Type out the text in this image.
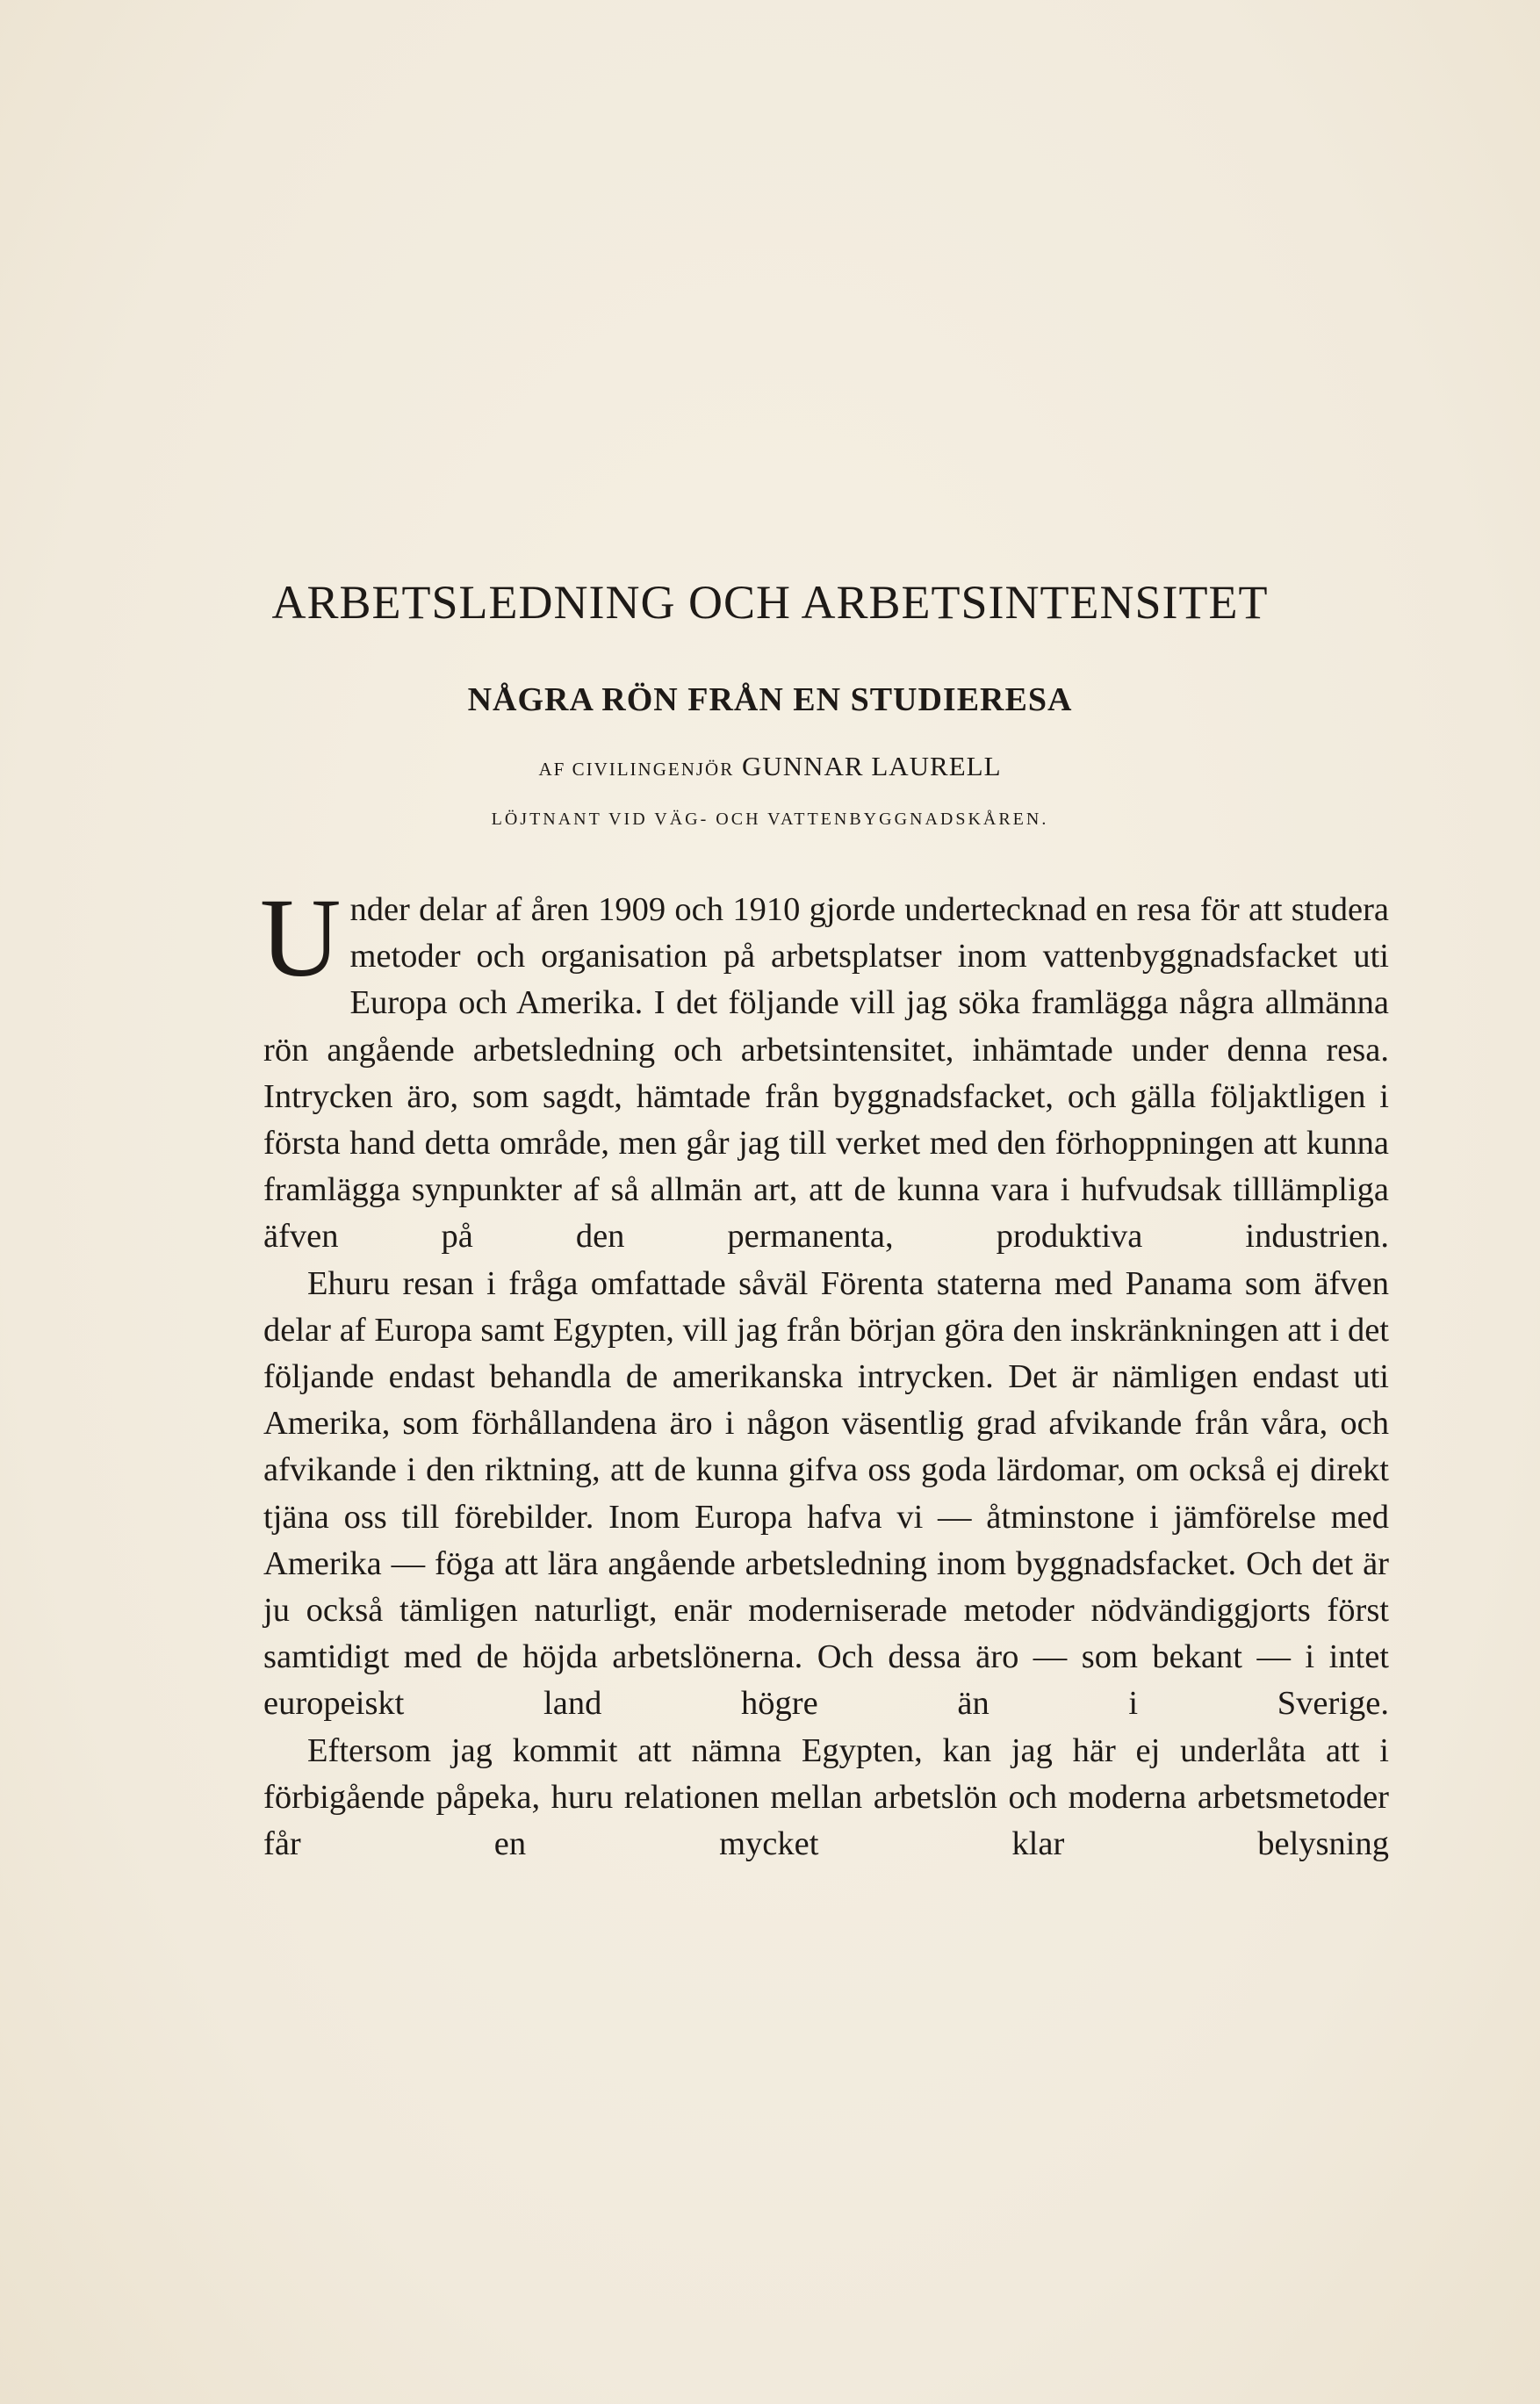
ARBETSLEDNING OCH ARBETSINTENSITET
NÅGRA RÖN FRÅN EN STUDIERESA
AF CIVILINGENJÖR GUNNAR LAURELL
LÖJTNANT VID VÄG- OCH VATTENBYGGNADSKÅREN.

Under delar af åren 1909 och 1910 gjorde undertecknad en resa för att studera metoder och organisation på arbetsplatser inom vattenbyggnadsfacket uti Europa och Amerika. I det följande vill jag söka framlägga några allmänna rön angående arbetsledning och arbetsintensitet, inhämtade under denna resa. Intrycken äro, som sagdt, hämtade från byggnadsfacket, och gälla följaktligen i första hand detta område, men går jag till verket med den förhoppningen att kunna framlägga synpunkter af så allmän art, att de kunna vara i hufvudsak tilllämpliga äfven på den permanenta, produktiva industrien.

Ehuru resan i fråga omfattade såväl Förenta staterna med Panama som äfven delar af Europa samt Egypten, vill jag från början göra den inskränkningen att i det följande endast behandla de amerikanska intrycken. Det är nämligen endast uti Amerika, som förhållandena äro i någon väsentlig grad afvikande från våra, och afvikande i den riktning, att de kunna gifva oss goda lärdomar, om också ej direkt tjäna oss till förebilder. Inom Europa hafva vi — åtminstone i jämförelse med Amerika — föga att lära angående arbetsledning inom byggnadsfacket. Och det är ju också tämligen naturligt, enär moderniserade metoder nödvändiggjorts först samtidigt med de höjda arbetslönerna. Och dessa äro — som bekant — i intet europeiskt land högre än i Sverige.

Eftersom jag kommit att nämna Egypten, kan jag här ej underlåta att i förbigående påpeka, huru relationen mellan arbetslön och moderna arbetsmetoder får en mycket klar belysning
